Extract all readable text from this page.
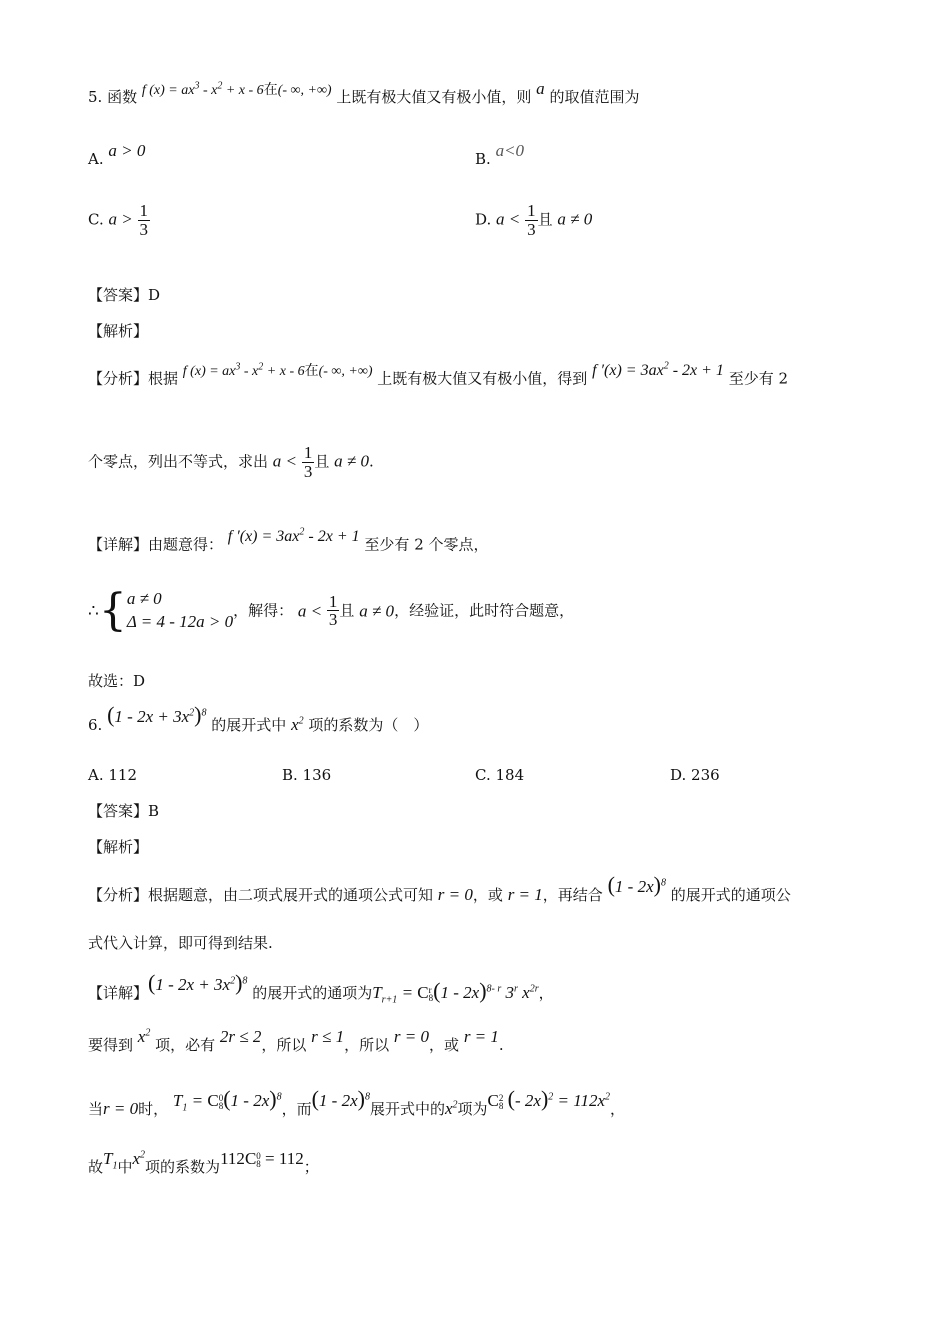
5. 函数 f $(x) = ax^3 - x^2 + x - 6$在(- ∞, +∞) 上既有极大值又有极小值，则 a 的取值范围为
A. a > 0	B. a<0
C. $a > \frac{1}{3}$	D. $a < \frac{1}{3}$ 且 a ≠ 0
【答案】D
【解析】
【分析】根据 f $(x) = ax^3 - x^2 + x - 6$在(- ∞, +∞) 上既有极大值又有极小值，得到 f $'(x) = 3ax^2 - 2x + 1$ 至少有 2
个零点，列出不等式，求出 $a < \frac{1}{3}$ 且 a ≠ 0.
【详解】由题意得： f $'(x) = 3ax^2 - 2x + 1$ 至少有 2 个零点，
∴{ a ≠ 0
Δ = 4 - 12a > 0
，解得： $a < \frac{1}{3}$ 且 a ≠ 0，经验证，此时符合题意，
故选：D
6. $(1 - 2x + 3x^2)^8$ 的展开式中 $x^2$ 项的系数为（　）
A. 112	B. 136	C. 184	D. 236
【答案】B
【解析】
【分析】根据题意，由二项式展开式的通项公式可知 r = 0，或 r = 1，再结合 (1 - 2x)$^8$ 的展开式的通项公
式代入计算，即可得到结果.
【详解】$(1 - 2x + 3x^2)^8$ 的展开式的通项为$T_{r+1} = C$ r
8 (1 - 2x)$^{8- r}$ 3$^r$ $x^{2r}$，
要得到 $x^2$ 项，必有 2r ≤ 2，所以 r ≤ 1，所以 r = 0，或 r = 1.
当r = 0时， $T_1 = C$ 0
8 (1 - 2x)$^8$，而(1 - 2x)$^8$展开式中的$x^2$项为C 2
8 (- $2x)^2 = 112x^2$，
故$T_1$中$x^2$项的系数为112C 0
8 = 112；
